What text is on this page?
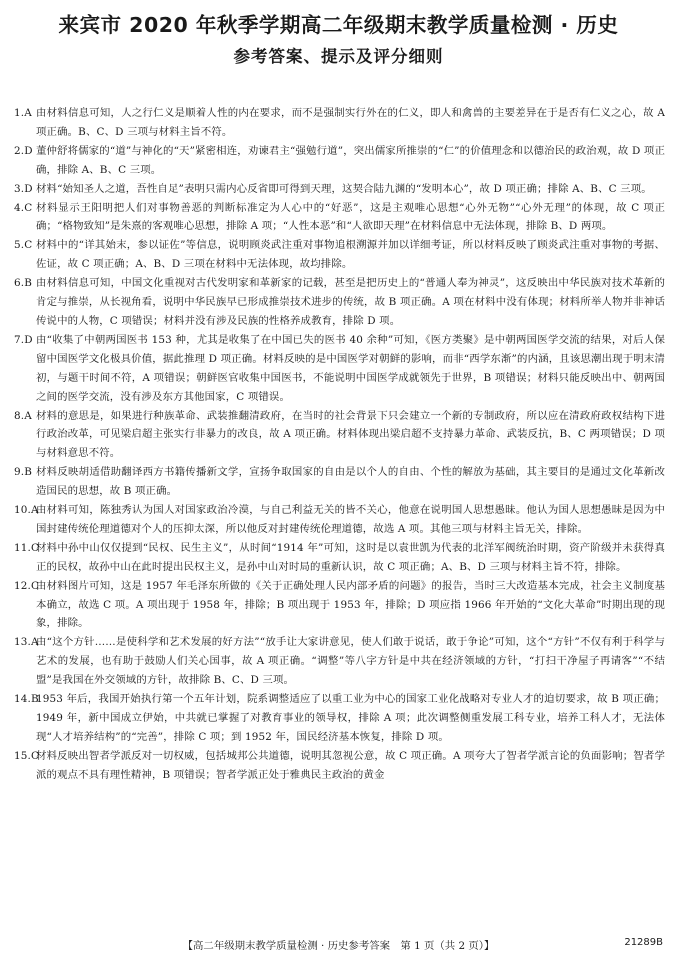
来宾市 2020 年秋季学期高二年级期末教学质量检测 · 历史
参考答案、提示及评分细则
1.A 由材料信息可知，人之行仁义是顺着人性的内在要求，而不是强制实行外在的仁义，即人和禽兽的主要差异在于是否有仁义之心，故 A 项正确。B、C、D 三项与材料主旨不符。
2.D 董仲舒将儒家的“道”与神化的“天”紧密相连，劝谏君主“强勉行道”，突出儒家所推崇的“仁”的价值理念和以德治民的政治观，故 D 项正确，排除 A、B、C 三项。
3.D 材料“始知圣人之道，吾性自足”表明只需内心反省即可得到天理，这契合陆九渊的“发明本心”，故 D 项正确；排除 A、B、C 三项。
4.C 材料显示王阳明把人们对事物善恶的判断标准定为人心中的“好恶”，这是主观唯心思想“心外无物”“心外无理”的体现，故 C 项正确；“格物致知”是朱熹的客观唯心思想，排除 A 项；“人性本恶”和“人欲即天理”在材料信息中无法体现，排除 B、D 两项。
5.C 材料中的“详其始末，参以证佐”等信息，说明顾炎武注重对事物追根溯源并加以详细考证，所以材料反映了顾炎武注重对事物的考据、佐证，故 C 项正确；A、B、D 三项在材料中无法体现，故均排除。
6.B 由材料信息可知，中国文化重视对古代发明家和革新家的记载，甚至是把历史上的“普通人奉为神灵”，这反映出中华民族对技术革新的肯定与推崇，从长视角看，说明中华民族早已形成推崇技术进步的传统，故 B 项正确。A 项在材料中没有体现；材料所举人物并非神话传说中的人物，C 项错误；材料并没有涉及民族的性格养成教育，排除 D 项。
7.D 由“收集了中朝两国医书 153 种，尤其是收集了在中国已失的医书 40 余种”可知，《医方类聚》是中朝两国医学交流的结果，对后人保留中国医学文化极具价值，据此推理 D 项正确。材料反映的是中国医学对朝鲜的影响，而非“西学东渐”的内涵，且该思潮出现于明末清初，与题干时间不符，A 项错误；朝鲜医官收集中国医书，不能说明中国医学成就领先于世界，B 项错误；材料只能反映出中、朝两国之间的医学交流，没有涉及东方其他国家，C 项错误。
8.A 材料的意思是，如果进行种族革命、武装推翻清政府，在当时的社会背景下只会建立一个新的专制政府，所以应在清政府政权结构下进行政治改革，可见梁启超主张实行非暴力的改良，故 A 项正确。材料体现出梁启超不支持暴力革命、武装反抗，B、C 两项错误；D 项与材料意思不符。
9.B 材料反映胡适借助翻译西方书籍传播新文学，宣扬争取国家的自由是以个人的自由、个性的解放为基础，其主要目的是通过文化革新改造国民的思想，故 B 项正确。
10.A
由材料可知，陈独秀认为国人对国家政治冷漠，与自己利益无关的皆不关心，他意在说明国人思想愚昧。他认为国人思想愚昧是因为中国封建传统伦理道德对个人的压抑太深，所以他反对封建传统伦理道德，故选 A 项。其他三项与材料主旨无关，排除。
11.C
材料中孙中山仅仅提到“民权、民生主义”，从时间“1914 年”可知，这时是以袁世凯为代表的北洋军阀统治时期，资产阶级并未获得真正的民权，故孙中山在此时提出民权主义，是孙中山对时局的重新认识，故 C 项正确；A、B、D 三项与材料主旨不符，排除。
12.C
由材料图片可知，这是 1957 年毛泽东所做的《关于正确处理人民内部矛盾的问题》的报告，当时三大改造基本完成，社会主义制度基本确立，故选 C 项。A 项出现于 1958 年，排除；B 项出现于 1953 年，排除；D 项应指 1966 年开始的“文化大革命”时期出现的现象，排除。
13.A
由“这个方针……是使科学和艺术发展的好方法”“放手让大家讲意见，使人们敢于说话，敢于争论”可知，这个“方针”不仅有利于科学与艺术的发展，也有助于鼓励人们关心国事，故 A 项正确。“调整”等八字方针是中共在经济领域的方针，“打扫干净屋子再请客”“不结盟”是我国在外交领域的方针，故排除 B、C、D 三项。
14.B
1953 年后，我国开始执行第一个五年计划，院系调整适应了以重工业为中心的国家工业化战略对专业人才的迫切要求，故 B 项正确；1949 年，新中国成立伊始，中共就已掌握了对教育事业的领导权，排除 A 项；此次调整侧重发展工科专业，培养工科人才，无法体现“人才培养结构”的“完善”，排除 C 项；到 1952 年，国民经济基本恢复，排除 D 项。
15.C
材料反映出智者学派反对一切权威，包括城邦公共道德，说明其忽视公意，故 C 项正确。A 项夸大了智者学派言论的负面影响；智者学派的观点不具有理性精神，B 项错误；智者学派正处于雅典民主政治的黄金
【高二年级期末教学质量检测 · 历史参考答案　第 1 页（共 2 页）】	21289B
